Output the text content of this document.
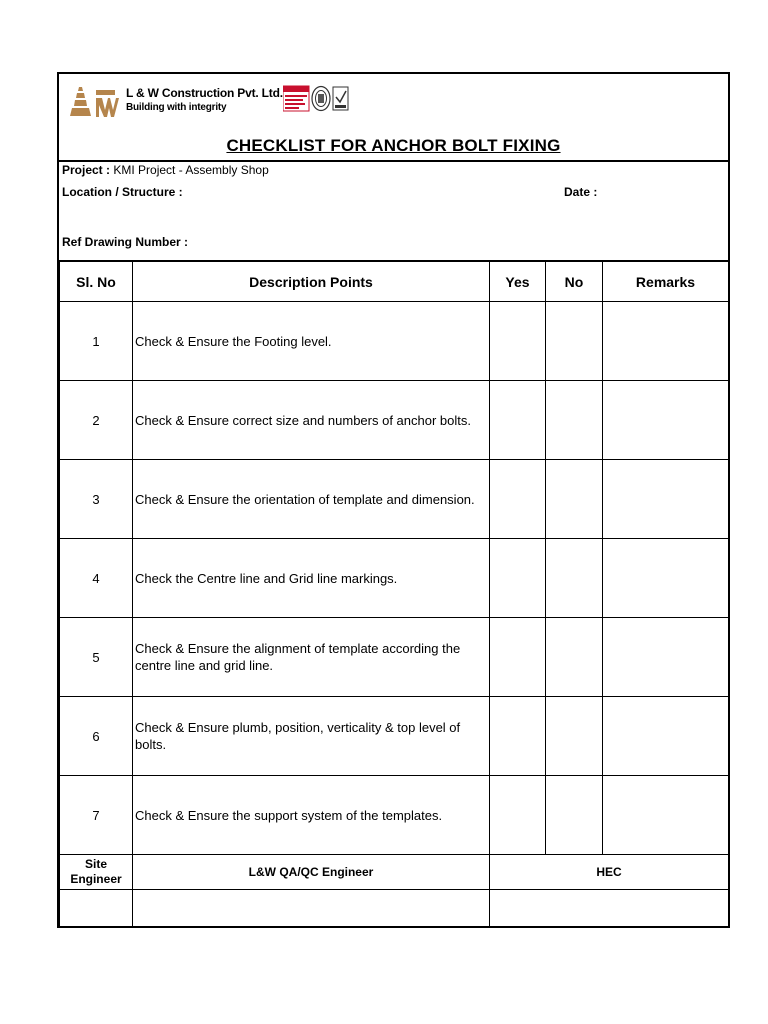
L & W Construction Pvt. Ltd.
Building with integrity
CHECKLIST FOR ANCHOR BOLT FIXING
Project : KMI Project - Assembly Shop
Location / Structure :	Date :
Ref Drawing Number :
Sl. No	Description Points	Yes	No	Remarks
1	Check & Ensure the Footing level.			
2	Check & Ensure correct size and numbers of anchor bolts.			
3	Check & Ensure the orientation of template and dimension.			
4	Check the Centre line and Grid line markings.			
5	Check & Ensure the alignment of template according the centre line and grid line.			
6	Check & Ensure plumb, position, verticality & top level of bolts.			
7	Check & Ensure the support system of the templates.			
Site Engineer	L&W QA/QC Engineer	HEC		
